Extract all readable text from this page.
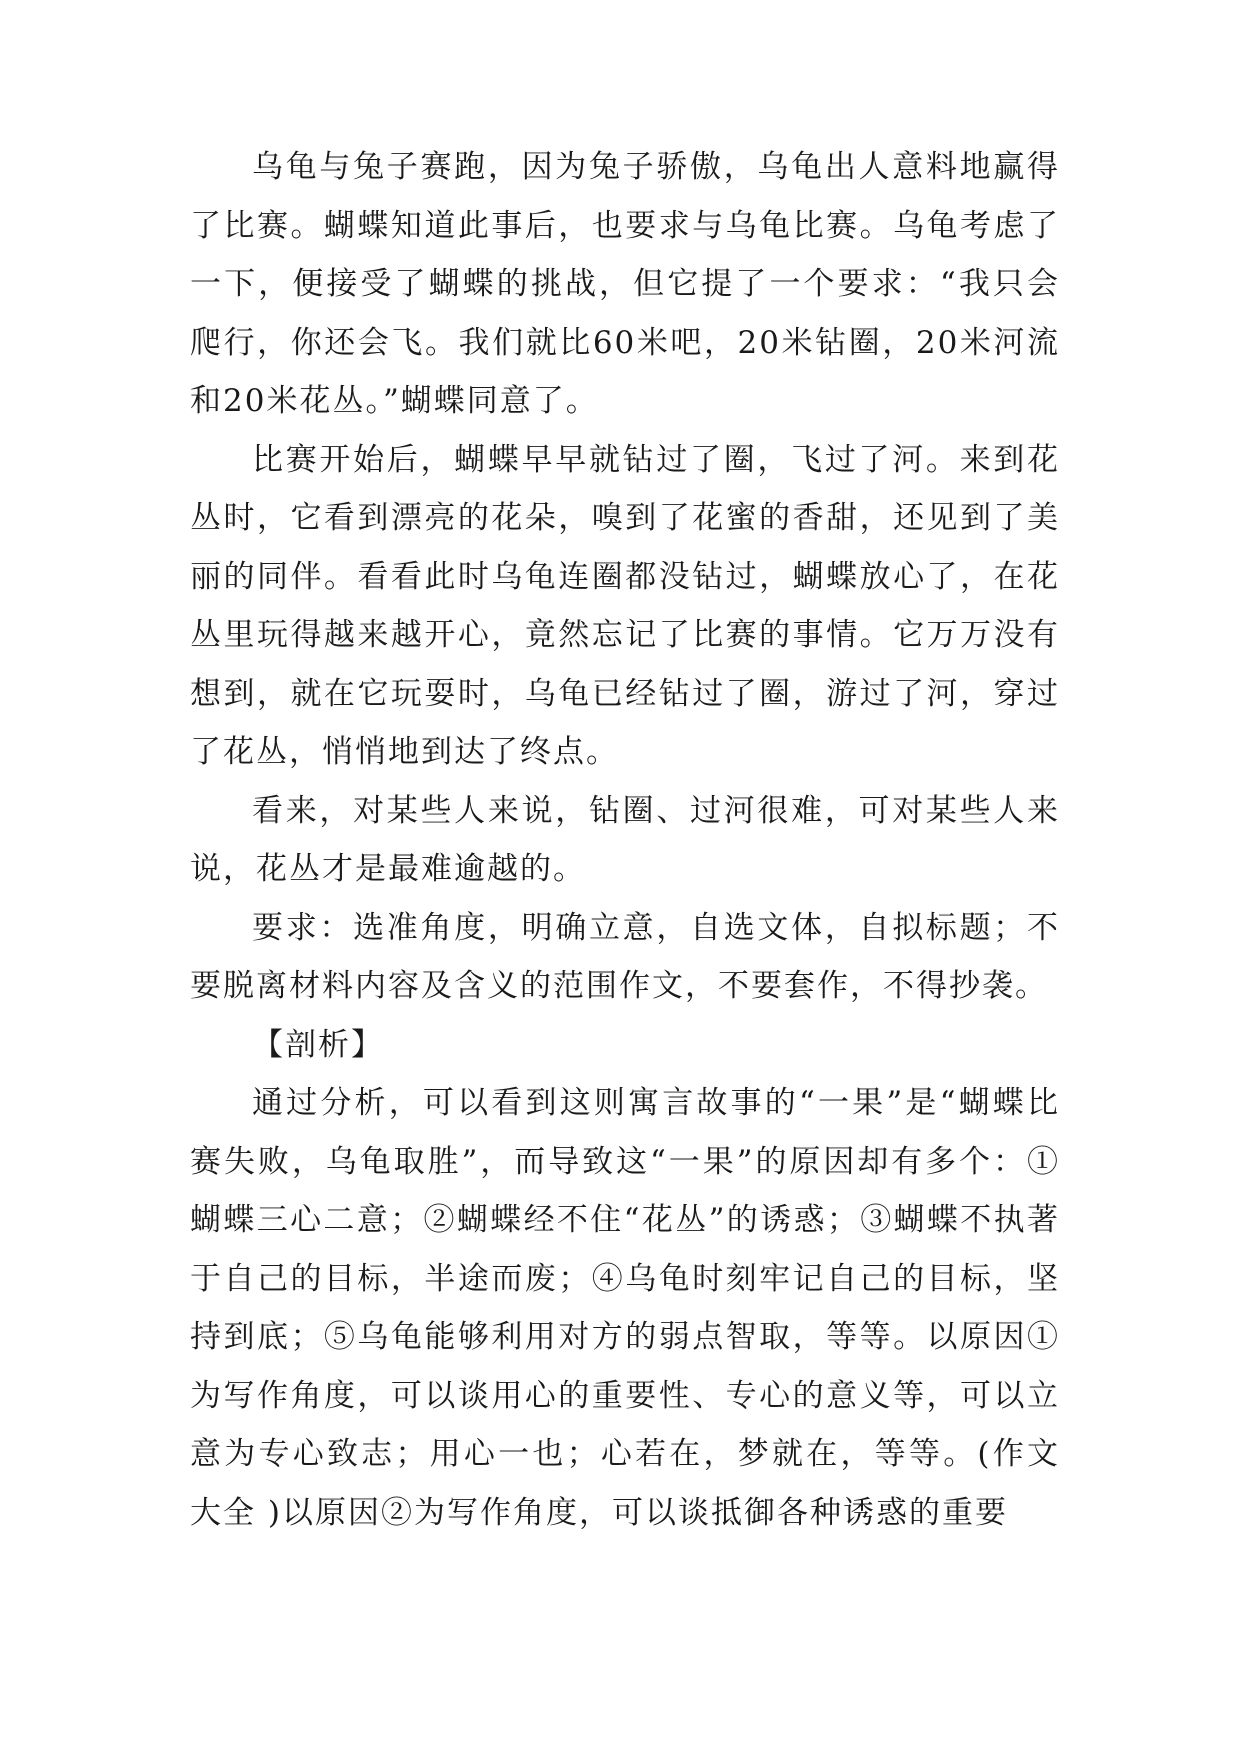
乌龟与兔子赛跑，因为兔子骄傲，乌龟出人意料地赢得了比赛。蝴蝶知道此事后，也要求与乌龟比赛。乌龟考虑了一下，便接受了蝴蝶的挑战，但它提了一个要求：“我只会爬行，你还会飞。我们就比60米吧，20米钻圈，20米河流和20米花丛。”蝴蝶同意了。

比赛开始后，蝴蝶早早就钻过了圈，飞过了河。来到花丛时，它看到漂亮的花朵，嗅到了花蜜的香甜，还见到了美丽的同伴。看看此时乌龟连圈都没钻过，蝴蝶放心了，在花丛里玩得越来越开心，竟然忘记了比赛的事情。它万万没有想到，就在它玩耍时，乌龟已经钻过了圈，游过了河，穿过了花丛，悄悄地到达了终点。

看来，对某些人来说，钻圈、过河很难，可对某些人来说，花丛才是最难逾越的。

要求：选准角度，明确立意，自选文体，自拟标题；不要脱离材料内容及含义的范围作文，不要套作，不得抄袭。

【剖析】

通过分析，可以看到这则寓言故事的“一果”是“蝴蝶比赛失败，乌龟取胜”，而导致这“一果”的原因却有多个：①蝴蝶三心二意；②蝴蝶经不住“花丛”的诱惑；③蝴蝶不执著于自己的目标，半途而废；④乌龟时刻牢记自己的目标，坚持到底；⑤乌龟能够利用对方的弱点智取，等等。以原因①为写作角度，可以谈用心的重要性、专心的意义等，可以立意为专心致志；用心一也；心若在，梦就在，等等。(作文大全 )以原因②为写作角度，可以谈抵御各种诱惑的重要
